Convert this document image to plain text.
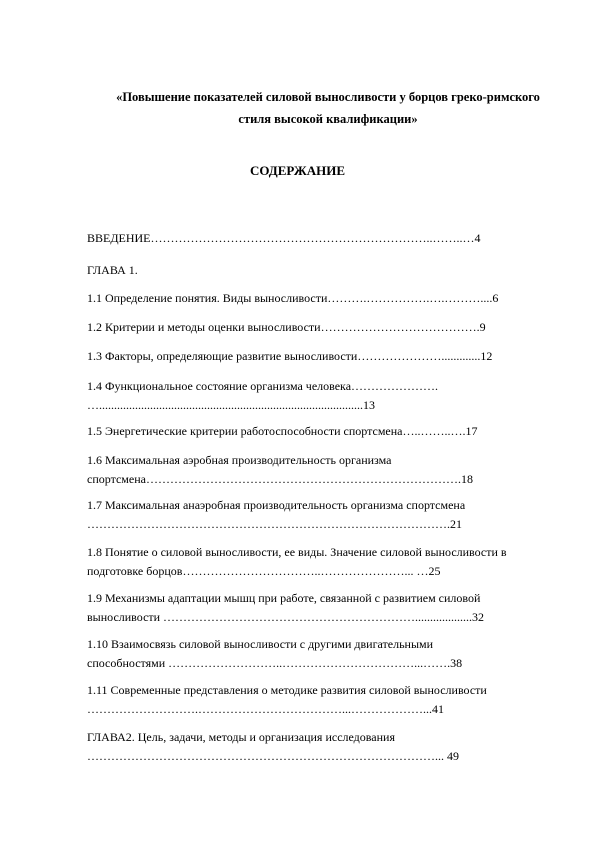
«Повышение показателей силовой выносливости у борцов греко-римского
стиля высокой квалификации»
СОДЕРЖАНИЕ
ВВЕДЕНИЕ……………………………………………………………..……..…4
ГЛАВА 1.
1.1 Определение понятия. Виды выносливости……….…………….….………....6
1.2 Критерии и методы оценки выносливости………………………………….9
1.3 Факторы, определяющие развитие выносливости………………….............12
1.4 Функциональное состояние организма человека………………….
…........................................................................................13
1.5 Энергетические критерии работоспособности спортсмена…..……..….17
1.6 Максимальная аэробная производительность организма
спортсмена…………………………………………………………………….18
1.7 Максимальная анаэробная производительность организма спортсмена
……………………………………………………………………………….21
1.8 Понятие о силовой выносливости, ее виды. Значение силовой выносливости в
подготовке борцов……………………………..…………………... …25
1.9 Механизмы адаптации мышц при работе, связанной с развитием силовой
выносливости ………………………………………………………...................32
1.10 Взаимосвязь силовой выносливости с другими двигательными
способностями ………………………..……………………………...…….38
1.11 Современные представления о методике развития силовой выносливости
……………………….………………………………...………………...41
ГЛАВА2. Цель, задачи, методы и организация исследования
……………………………………………………………………………... 49
